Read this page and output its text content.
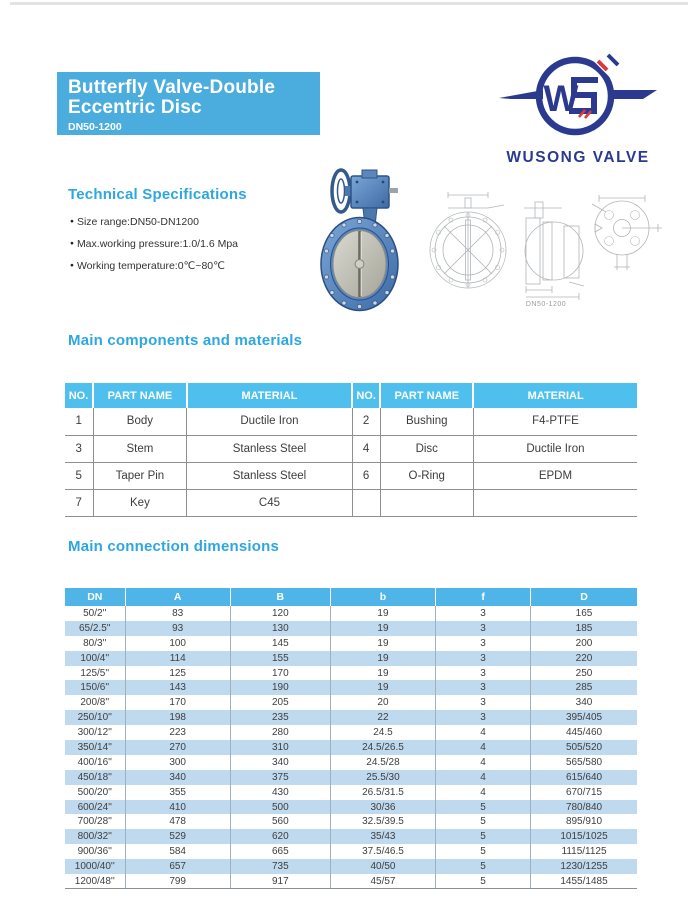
Butterfly Valve-Double
Eccentric Disc
DN50-1200
W
WUSONG VALVE
Technical Specifications
● Size range:DN50-DN1200
● Max.working pressure:1.0/1.6 Mpa
● Working temperature:0℃~80℃
DN50-1200
Main components and materials
NO.	PART NAME	MATERIAL	NO.	PART NAME	MATERIAL
1	Body	Ductile Iron	2	Bushing	F4-PTFE
3	Stem	Stanless Steel	4	Disc	Ductile Iron
5	Taper Pin	Stanless Steel	6	O-Ring	EPDM
7	Key	C45			
Main connection dimensions
DN	A	B	b	f	D
50/2''	83	120	19	3	165
65/2.5''	93	130	19	3	185
80/3''	100	145	19	3	200
100/4''	114	155	19	3	220
125/5''	125	170	19	3	250
150/6''	143	190	19	3	285
200/8''	170	205	20	3	340
250/10''	198	235	22	3	395/405
300/12''	223	280	24.5	4	445/460
350/14''	270	310	24.5/26.5	4	505/520
400/16''	300	340	24.5/28	4	565/580
450/18''	340	375	25.5/30	4	615/640
500/20''	355	430	26.5/31.5	4	670/715
600/24''	410	500	30/36	5	780/840
700/28''	478	560	32.5/39.5	5	895/910
800/32''	529	620	35/43	5	1015/1025
900/36''	584	665	37.5/46.5	5	1115/1125
1000/40''	657	735	40/50	5	1230/1255
1200/48''	799	917	45/57	5	1455/1485
